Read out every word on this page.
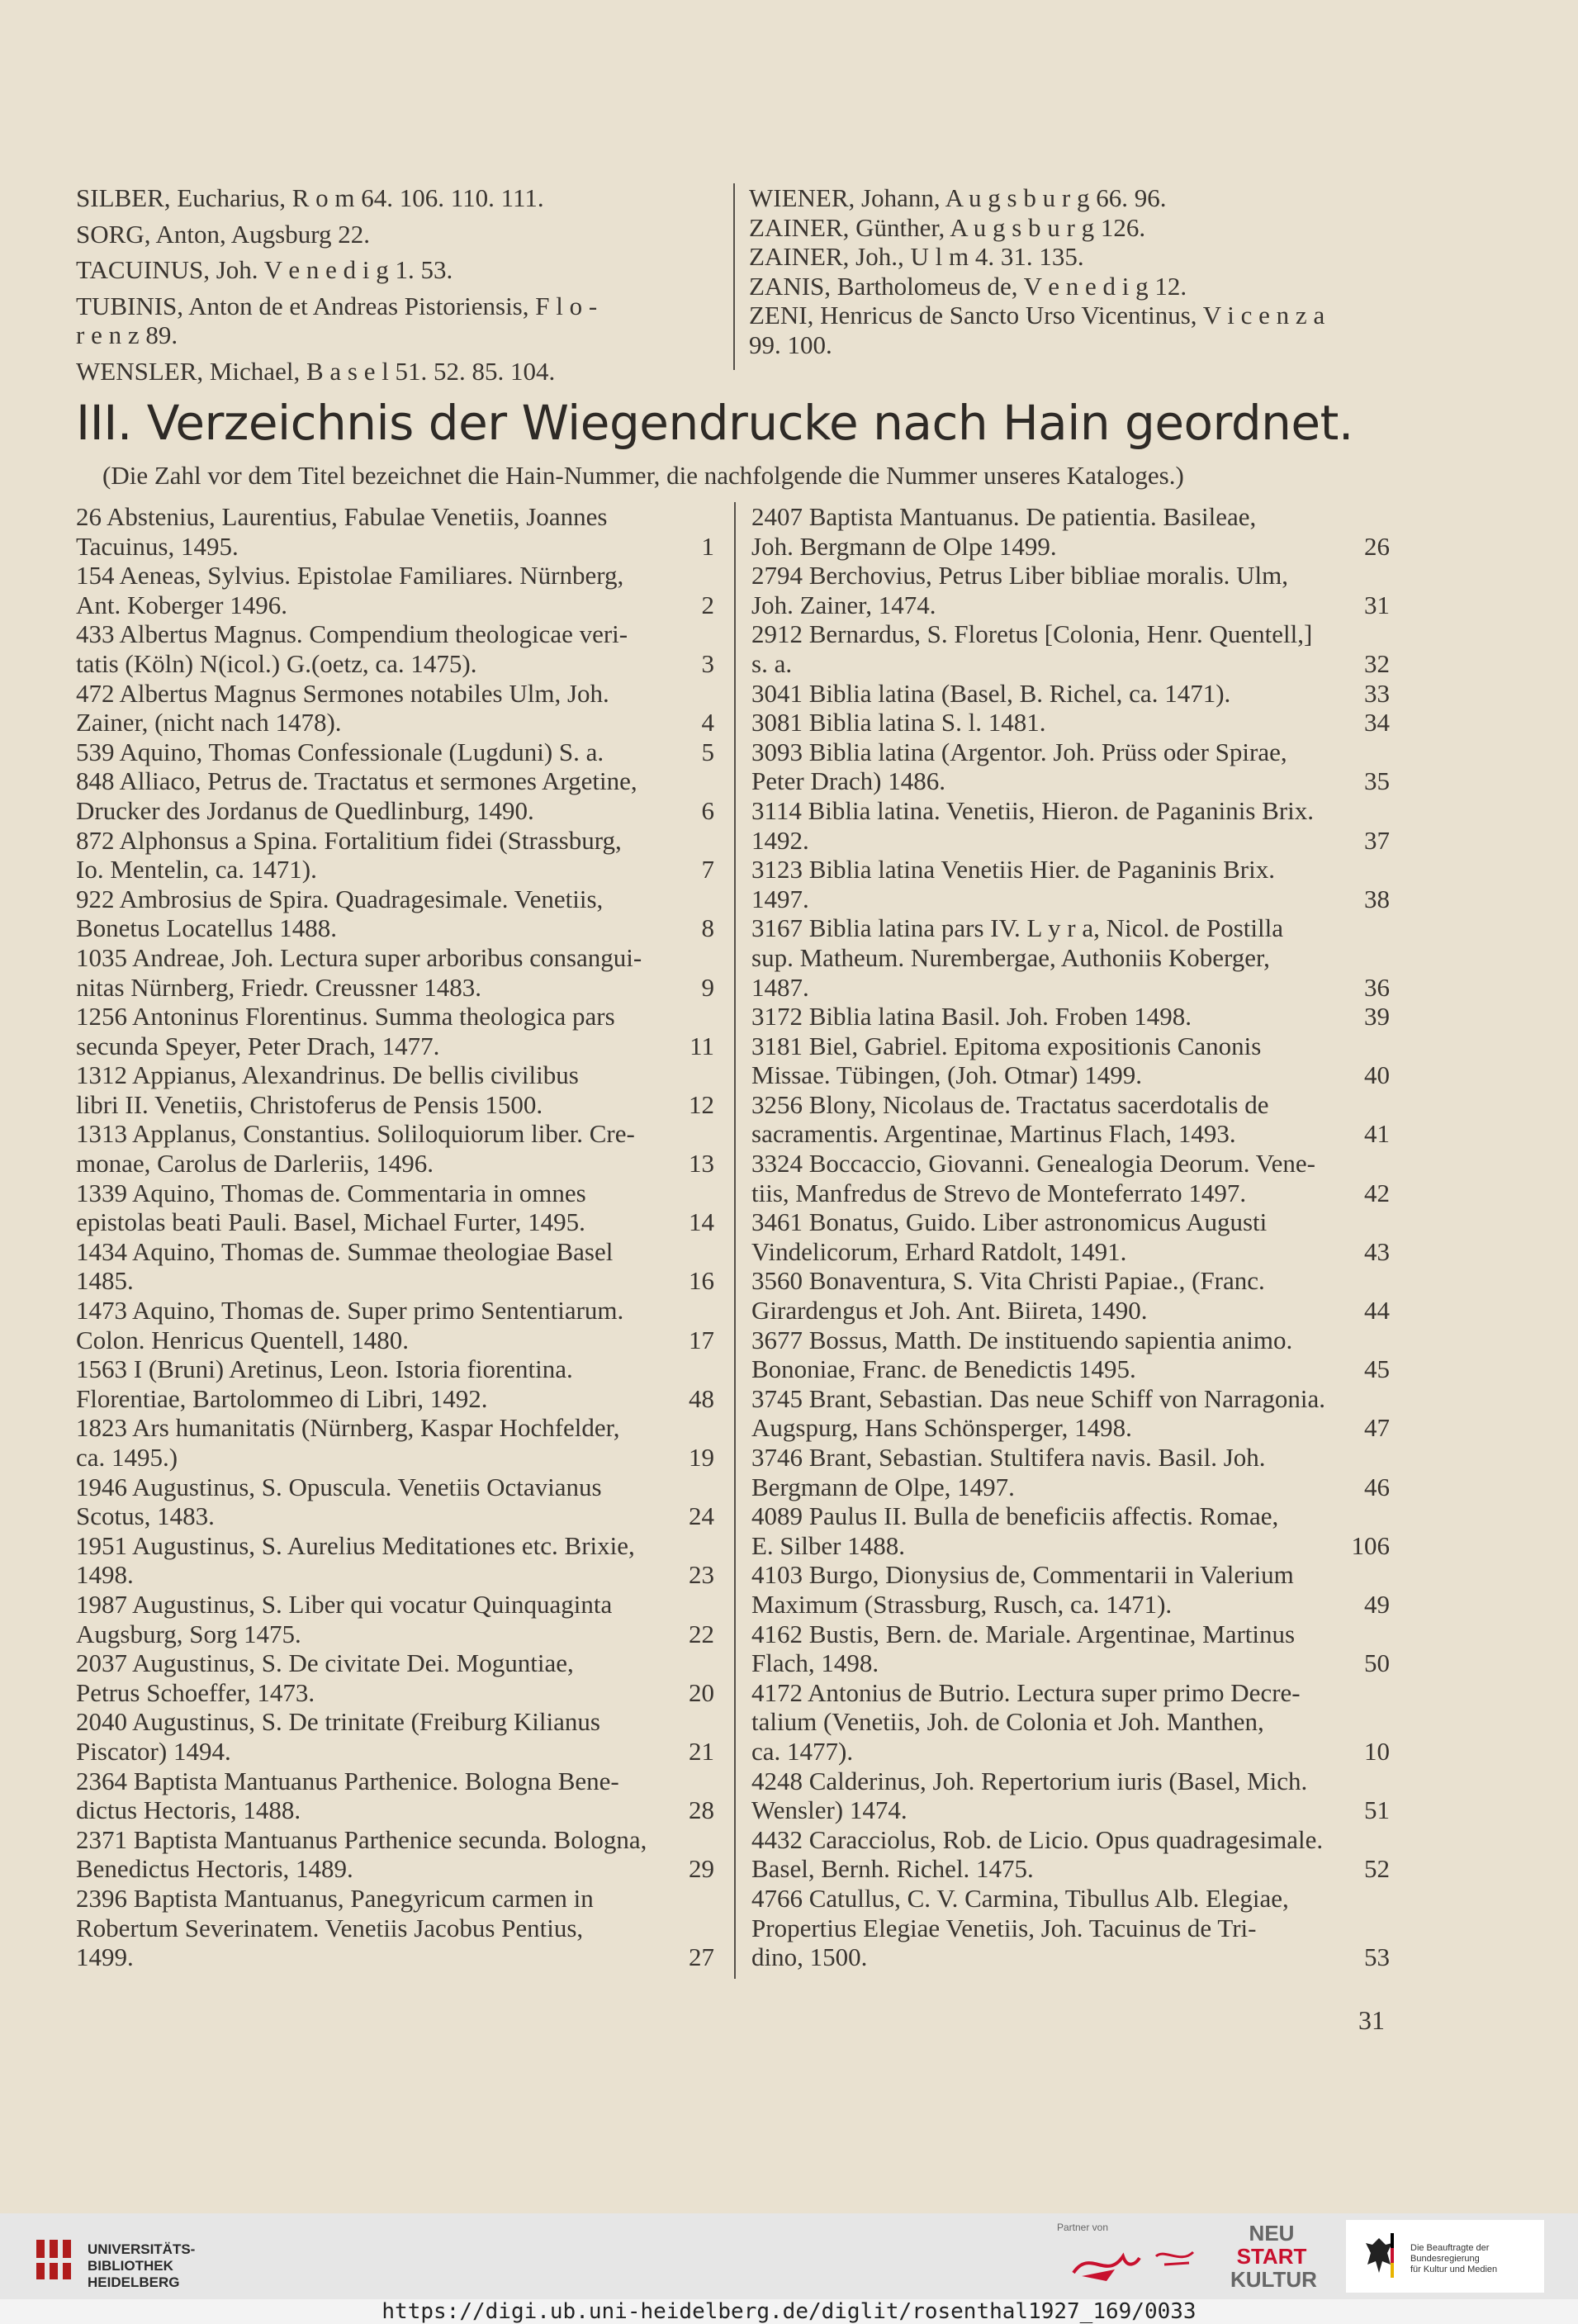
SILBER, Eucharius, R o m 64. 106. 110. 111.
SORG, Anton, Augsburg 22.
TACUINUS, Joh. V e n e d i g 1. 53.
TUBINIS, Anton de et Andreas Pistoriensis, F l o -
r e n z 89.
WENSLER, Michael, B a s e l 51. 52. 85. 104.
WIENER, Johann, A u g s b u r g 66. 96.
ZAINER, Günther, A u g s b u r g 126.
ZAINER, Joh., U l m 4. 31. 135.
ZANIS, Bartholomeus de, V e n e d i g 12.
ZENI, Henricus de Sancto Urso Vicentinus, V i c e n z a
99. 100.
III. Verzeichnis der Wiegendrucke nach Hain geordnet.
(Die Zahl vor dem Titel bezeichnet die Hain-Nummer, die nachfolgende die Nummer unseres Kataloges.)
26 Abstenius, Laurentius, Fabulae Venetiis, Joannes
Tacuinus, 1495.	1
154 Aeneas, Sylvius. Epistolae Familiares. Nürnberg,
Ant. Koberger 1496.	2
433 Albertus Magnus. Compendium theologicae veri-
tatis (Köln) N(icol.) G.(oetz, ca. 1475).	3
472 Albertus Magnus Sermones notabiles Ulm, Joh.
Zainer, (nicht nach 1478).	4
539 Aquino, Thomas Confessionale (Lugduni) S. a.	5
848 Alliaco, Petrus de. Tractatus et sermones Argetine,
Drucker des Jordanus de Quedlinburg, 1490.	6
872 Alphonsus a Spina. Fortalitium fidei (Strassburg,
Io. Mentelin, ca. 1471).	7
922 Ambrosius de Spira. Quadragesimale. Venetiis,
Bonetus Locatellus 1488.	8
1035 Andreae, Joh. Lectura super arboribus consangui-
nitas Nürnberg, Friedr. Creussner 1483.	9
1256 Antoninus Florentinus. Summa theologica pars
secunda Speyer, Peter Drach, 1477.	11
1312 Appianus, Alexandrinus. De bellis civilibus
libri II. Venetiis, Christoferus de Pensis 1500.	12
1313 Applanus, Constantius. Soliloquiorum liber. Cre-
monae, Carolus de Darleriis, 1496.	13
1339 Aquino, Thomas de. Commentaria in omnes
epistolas beati Pauli. Basel, Michael Furter, 1495.	14
1434 Aquino, Thomas de. Summae theologiae Basel
1485.	16
1473 Aquino, Thomas de. Super primo Sententiarum.
Colon. Henricus Quentell, 1480.	17
1563 I (Bruni) Aretinus, Leon. Istoria fiorentina.
Florentiae, Bartolommeo di Libri, 1492.	48
1823 Ars humanitatis (Nürnberg, Kaspar Hochfelder,
ca. 1495.)	19
1946 Augustinus, S. Opuscula. Venetiis Octavianus
Scotus, 1483.	24
1951 Augustinus, S. Aurelius Meditationes etc. Brixie,
1498.	23
1987 Augustinus, S. Liber qui vocatur Quinquaginta
Augsburg, Sorg 1475.	22
2037 Augustinus, S. De civitate Dei. Moguntiae,
Petrus Schoeffer, 1473.	20
2040 Augustinus, S. De trinitate (Freiburg Kilianus
Piscator) 1494.	21
2364 Baptista Mantuanus Parthenice. Bologna Bene-
dictus Hectoris, 1488.	28
2371 Baptista Mantuanus Parthenice secunda. Bologna,
Benedictus Hectoris, 1489.	29
2396 Baptista Mantuanus, Panegyricum carmen in
Robertum Severinatem. Venetiis Jacobus Pentius,
1499.	27
2407 Baptista Mantuanus. De patientia. Basileae,
Joh. Bergmann de Olpe 1499.	26
2794 Berchovius, Petrus Liber bibliae moralis. Ulm,
Joh. Zainer, 1474.	31
2912 Bernardus, S. Floretus [Colonia, Henr. Quentell,]
s. a.	32
3041 Biblia latina (Basel, B. Richel, ca. 1471).	33
3081 Biblia latina S. l. 1481.	34
3093 Biblia latina (Argentor. Joh. Prüss oder Spirae,
Peter Drach) 1486.	35
3114 Biblia latina. Venetiis, Hieron. de Paganinis Brix.
1492.	37
3123 Biblia latina Venetiis Hier. de Paganinis Brix.
1497.	38
3167 Biblia latina pars IV. L y r a, Nicol. de Postilla
sup. Matheum. Nurembergae, Authoniis Koberger,
1487.	36
3172 Biblia latina Basil. Joh. Froben 1498.	39
3181 Biel, Gabriel. Epitoma expositionis Canonis
Missae. Tübingen, (Joh. Otmar) 1499.	40
3256 Blony, Nicolaus de. Tractatus sacerdotalis de
sacramentis. Argentinae, Martinus Flach, 1493.	41
3324 Boccaccio, Giovanni. Genealogia Deorum. Vene-
tiis, Manfredus de Strevo de Monteferrato 1497.	42
3461 Bonatus, Guido. Liber astronomicus Augusti
Vindelicorum, Erhard Ratdolt, 1491.	43
3560 Bonaventura, S. Vita Christi Papiae., (Franc.
Girardengus et Joh. Ant. Biireta, 1490.	44
3677 Bossus, Matth. De instituendo sapientia animo.
Bononiae, Franc. de Benedictis 1495.	45
3745 Brant, Sebastian. Das neue Schiff von Narragonia.
Augspurg, Hans Schönsperger, 1498.	47
3746 Brant, Sebastian. Stultifera navis. Basil. Joh.
Bergmann de Olpe, 1497.	46
4089 Paulus II. Bulla de beneficiis affectis. Romae,
E. Silber 1488.	106
4103 Burgo, Dionysius de, Commentarii in Valerium
Maximum (Strassburg, Rusch, ca. 1471).	49
4162 Bustis, Bern. de. Mariale. Argentinae, Martinus
Flach, 1498.	50
4172 Antonius de Butrio. Lectura super primo Decre-
talium (Venetiis, Joh. de Colonia et Joh. Manthen,
ca. 1477).	10
4248 Calderinus, Joh. Repertorium iuris (Basel, Mich.
Wensler) 1474.	51
4432 Caracciolus, Rob. de Licio. Opus quadragesimale.
Basel, Bernh. Richel. 1475.	52
4766 Catullus, C. V. Carmina, Tibullus Alb. Elegiae,
Propertius Elegiae Venetiis, Joh. Tacuinus de Tri-
dino, 1500.	53
31
UNIVERSITÄTS-
BIBLIOTHEK
HEIDELBERG
Partner von	NEU
START
KULTUR
Die Beauftragte der Bundesregierung
für Kultur und Medien
https://digi.ub.uni-heidelberg.de/diglit/rosenthal1927_169/0033
